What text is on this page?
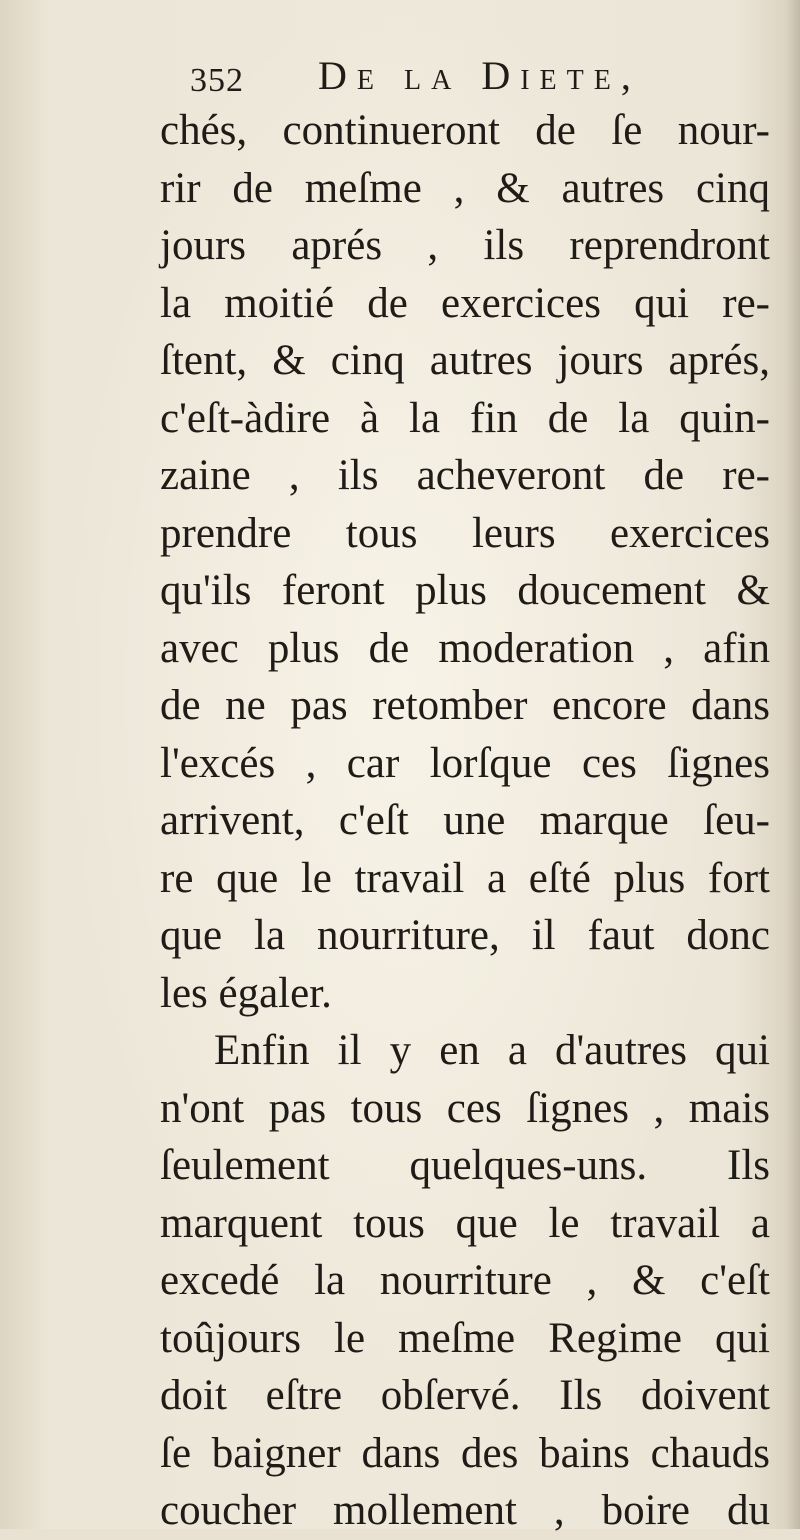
352 De la Diete,
chés, continueront de ſe nour-
rir de meſme , & autres cinq
jours aprés , ils reprendront
la moitié de exercices qui re-
ſtent, & cinq autres jours aprés,
c'eſt-àdire à la fin de la quin-
zaine , ils acheveront de re-
prendre tous leurs exercices
qu'ils feront plus doucement &
avec plus de moderation , afin
de ne pas retomber encore dans
l'excés , car lorſque ces ſignes
arrivent, c'eſt une marque ſeu-
re que le travail a eſté plus fort
que la nourriture, il faut donc
les égaler.
Enfin il y en a d'autres qui
n'ont pas tous ces ſignes , mais
ſeulement quelques-uns. Ils
marquent tous que le travail a
excedé la nourriture , & c'eſt
toûjours le meſme Regime qui
doit eſtre obſervé. Ils doivent
ſe baigner dans des bains chauds
coucher mollement , boire du
